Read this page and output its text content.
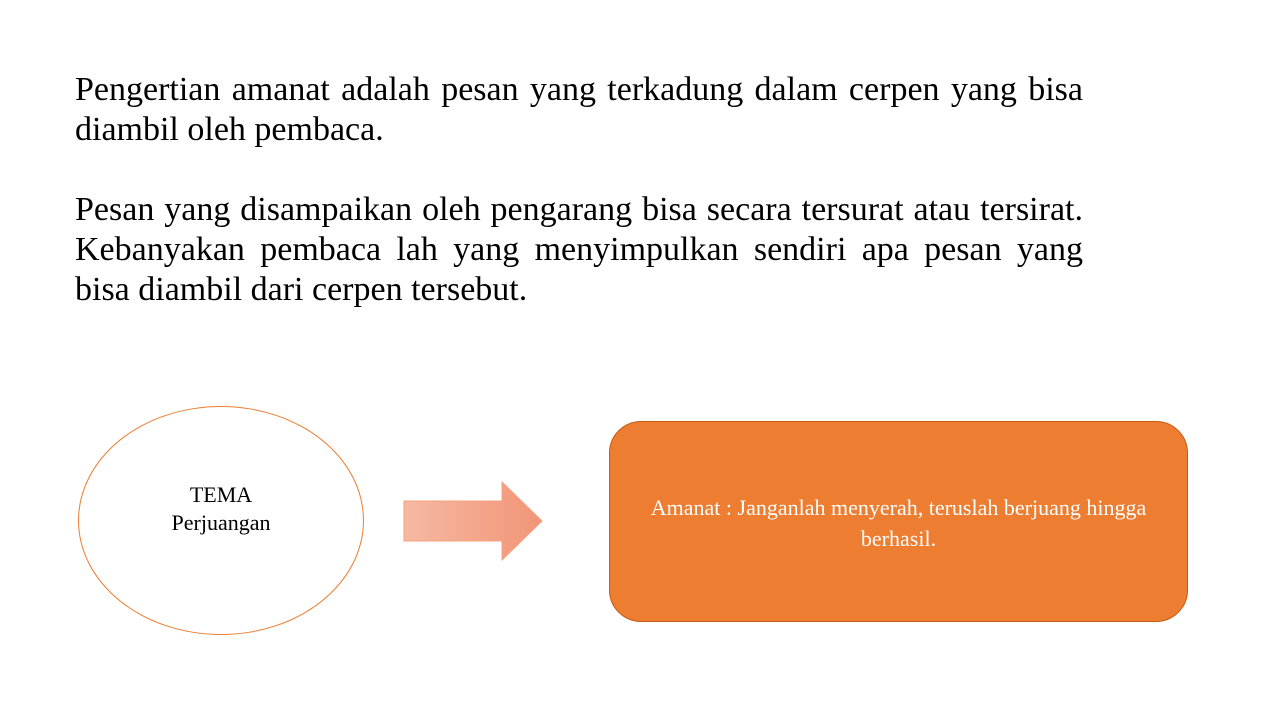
Pengertian amanat adalah pesan yang terkadung dalam cerpen yang bisa diambil oleh pembaca.

Pesan yang disampaikan oleh pengarang bisa secara tersurat atau tersirat. Kebanyakan pembaca lah yang menyimpulkan sendiri apa pesan yang bisa diambil dari cerpen tersebut.

TEMA
Perjuangan
Amanat : Janganlah menyerah, teruslah berjuang hingga berhasil.
